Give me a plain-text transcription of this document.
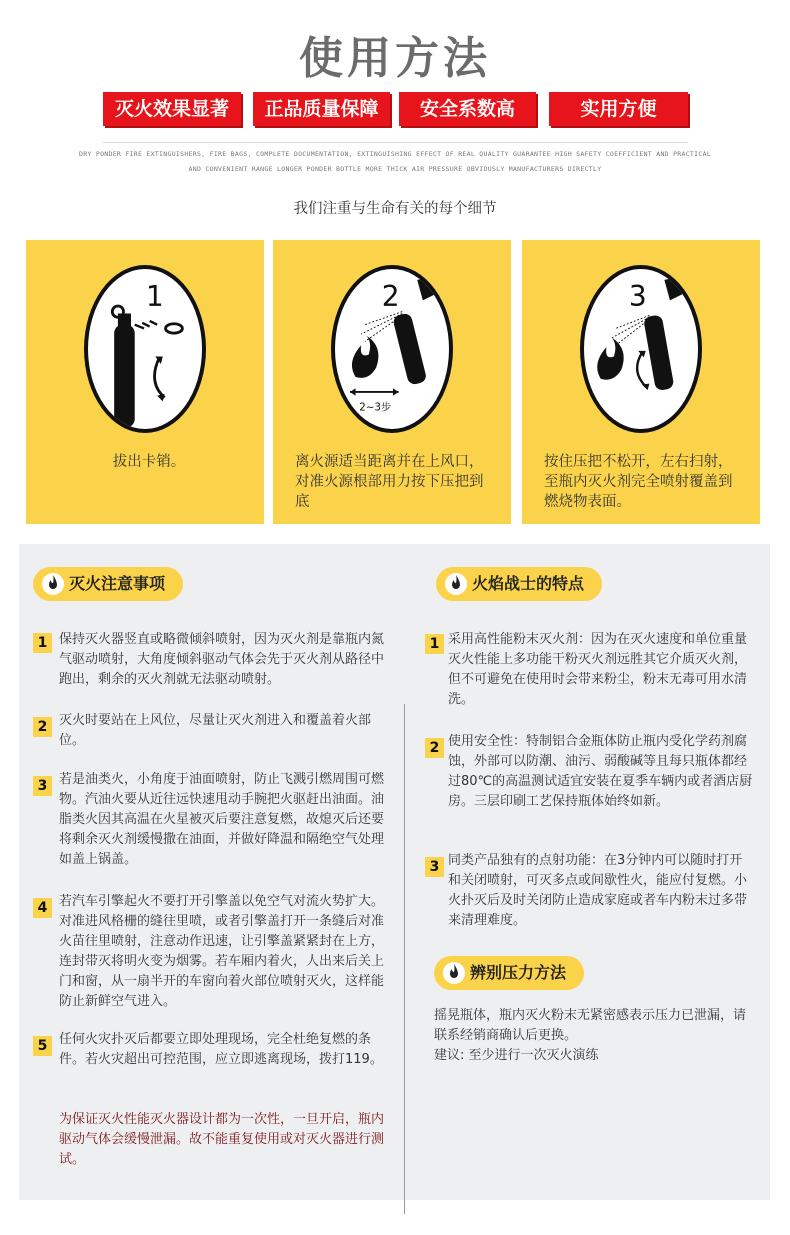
使用方法
灭火效果显著	正品质量保障	安全系数高	实用方便
DRY PONDER FIRE EXTINGUISHERS, FIRE BAGS, COMPLETE DOCUMENTATION, EXTINGUISHING EFFECT OF REAL QUALITY GUARANTEE HIGH SAFETY COEFFICIENT AND PRACTICAL
AND CONVENIENT RANGE LONGER PONDER BOTTLE MORE THICK AIR PRESSURE OBVIOUSLY MANUFACTURERS DIRECTLY
我们注重与生命有关的每个细节
1
拔出卡销。
2
2~3步
离火源适当距离并在上风口，对准火源根部用力按下压把到底
3
按住压把不松开，左右扫射，至瓶内灭火剂完全喷射覆盖到燃烧物表面。
灭火注意事项	火焰战士的特点
1 保持灭火器竖直或略微倾斜喷射，因为灭火剂是靠瓶内氮气驱动喷射，大角度倾斜驱动气体会先于灭火剂从路径中跑出，剩余的灭火剂就无法驱动喷射。
2 灭火时要站在上风位，尽量让灭火剂进入和覆盖着火部位。
3 若是油类火，小角度于油面喷射，防止飞溅引燃周围可燃物。汽油火要从近往远快速甩动手腕把火驱赶出油面。油脂类火因其高温在火星被灭后要注意复燃，故熄灭后还要将剩余灭火剂缓慢撒在油面，并做好降温和隔绝空气处理如盖上锅盖。
4 若汽车引擎起火不要打开引擎盖以免空气对流火势扩大。对准进风格栅的缝往里喷，或者引擎盖打开一条缝后对准火苗往里喷射，注意动作迅速，让引擎盖紧紧封在上方，连封带灭将明火变为烟雾。若车厢内着火，人出来后关上门和窗，从一扇半开的车窗向着火部位喷射灭火，这样能防止新鲜空气进入。
5 任何火灾扑灭后都要立即处理现场，完全杜绝复燃的条件。若火灾超出可控范围，应立即逃离现场，拨打119。
为保证灭火性能灭火器设计都为一次性，一旦开启，瓶内驱动气体会缓慢泄漏。故不能重复使用或对灭火器进行测试。
1 采用高性能粉末灭火剂：因为在灭火速度和单位重量灭火性能上多功能干粉灭火剂远胜其它介质灭火剂，但不可避免在使用时会带来粉尘，粉末无毒可用水清洗。
2 使用安全性：特制铝合金瓶体防止瓶内受化学药剂腐蚀，外部可以防潮、油污、弱酸碱等且每只瓶体都经过80℃的高温测试适宜安装在夏季车辆内或者酒店厨房。三层印刷工艺保持瓶体始终如新。
3 同类产品独有的点射功能：在3分钟内可以随时打开和关闭喷射，可灭多点或间歇性火，能应付复燃。小火扑灭后及时关闭防止造成家庭或者车内粉末过多带来清理难度。
辨别压力方法
摇晃瓶体，瓶内灭火粉末无紧密感表示压力已泄漏，请联系经销商确认后更换。
建议: 至少进行一次灭火演练
